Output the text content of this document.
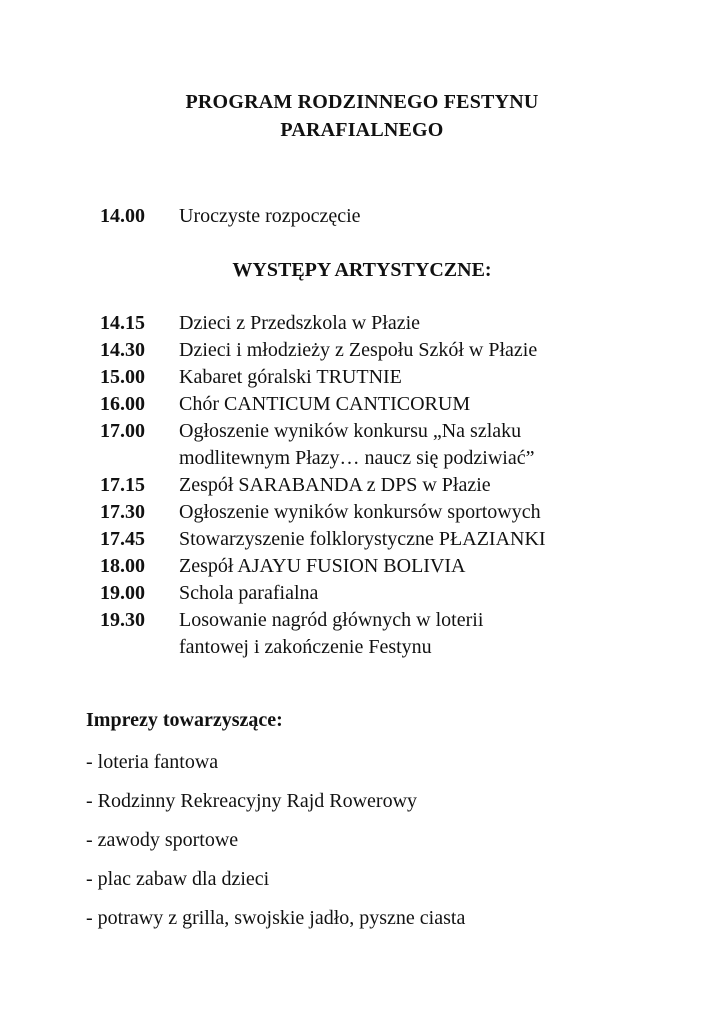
PROGRAM RODZINNEGO FESTYNU
PARAFIALNEGO
14.00	Uroczyste rozpoczęcie
WYSTĘPY ARTYSTYCZNE:
14.15	Dzieci z Przedszkola w Płazie
14.30	Dzieci i młodzieży z Zespołu Szkół w Płazie
15.00	Kabaret góralski TRUTNIE
16.00	Chór CANTICUM CANTICORUM
17.00	Ogłoszenie wyników konkursu „Na szlaku
modlitewnym Płazy… naucz się podziwiać”
17.15	Zespół SARABANDA z DPS w Płazie
17.30	Ogłoszenie wyników konkursów sportowych
17.45	Stowarzyszenie folklorystyczne PŁAZIANKI
18.00	Zespół AJAYU FUSION BOLIVIA
19.00	Schola parafialna
19.30	Losowanie nagród głównych w loterii
fantowej i zakończenie Festynu
Imprezy towarzyszące:
- loteria fantowa
- Rodzinny Rekreacyjny Rajd Rowerowy
- zawody sportowe
- plac zabaw dla dzieci
- potrawy z grilla, swojskie jadło, pyszne ciasta
